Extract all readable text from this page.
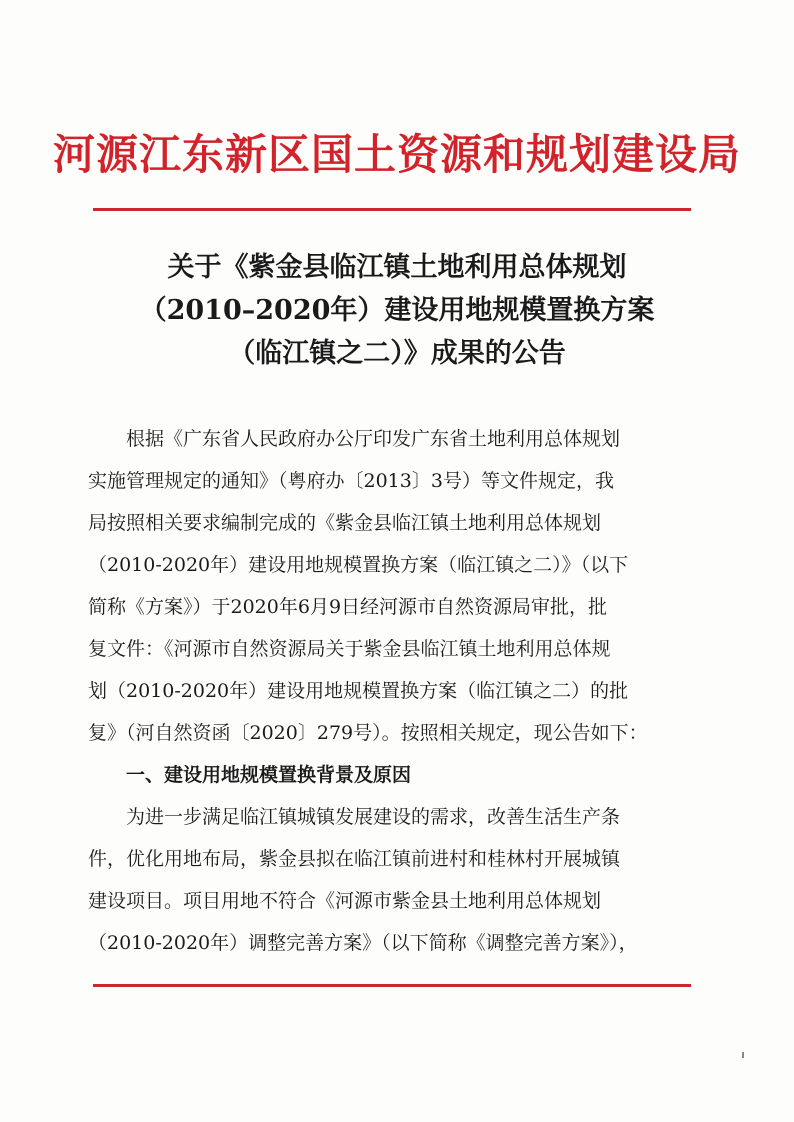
河源江东新区国土资源和规划建设局
关于《紫金县临江镇土地利用总体规划
（2010–2020年）建设用地规模置换方案
（临江镇之二）》成果的公告
根据《广东省人民政府办公厅印发广东省土地利用总体规划
实施管理规定的通知》（粤府办〔2013〕3号）等文件规定，我
局按照相关要求编制完成的《紫金县临江镇土地利用总体规划
（2010-2020年）建设用地规模置换方案（临江镇之二）》（以下
简称《方案》）于2020年6月9日经河源市自然资源局审批，批
复文件：《河源市自然资源局关于紫金县临江镇土地利用总体规
划（2010-2020年）建设用地规模置换方案（临江镇之二）的批
复》（河自然资函〔2020〕279号）。按照相关规定，现公告如下：
一、建设用地规模置换背景及原因
为进一步满足临江镇城镇发展建设的需求，改善生活生产条
件，优化用地布局，紫金县拟在临江镇前进村和桂林村开展城镇
建设项目。项目用地不符合《河源市紫金县土地利用总体规划
（2010-2020年）调整完善方案》（以下简称《调整完善方案》），
